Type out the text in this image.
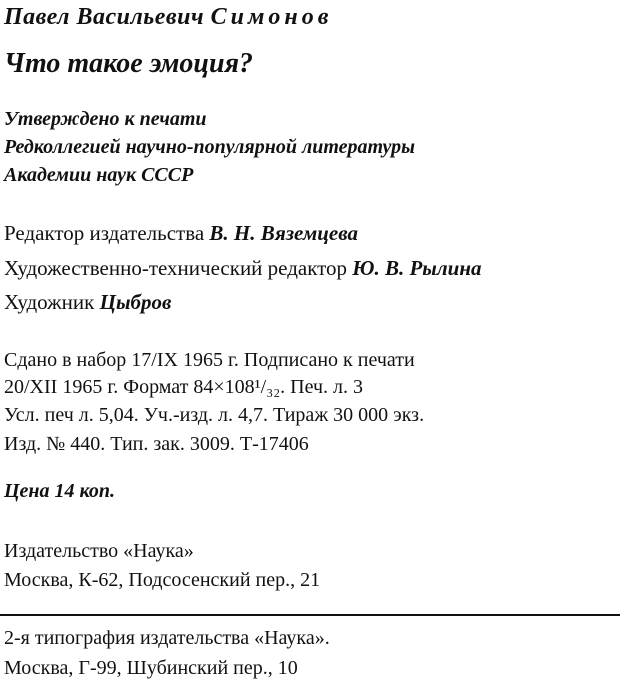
Павел Васильевич Симонов
Что такое эмоция?
Утверждено к печати
Редколлегией научно-популярной литературы
Академии наук СССР
Редактор издательства В. Н. Вяземцева
Художественно-технический редактор Ю. В. Рылина
Художник Цыбров
Сдано в набор 17/IX 1965 г. Подписано к печати
20/XII 1965 г. Формат 84×108¹/₃₂. Печ. л. 3
Усл. печ л. 5,04. Уч.-изд. л. 4,7. Тираж 30 000 экз.
Изд. № 440. Тип. зак. 3009. Т-17406
Цена 14 коп.
Издательство «Наука»
Москва, К-62, Подсосенский пер., 21
2-я типография издательства «Наука».
Москва, Г-99, Шубинский пер., 10
